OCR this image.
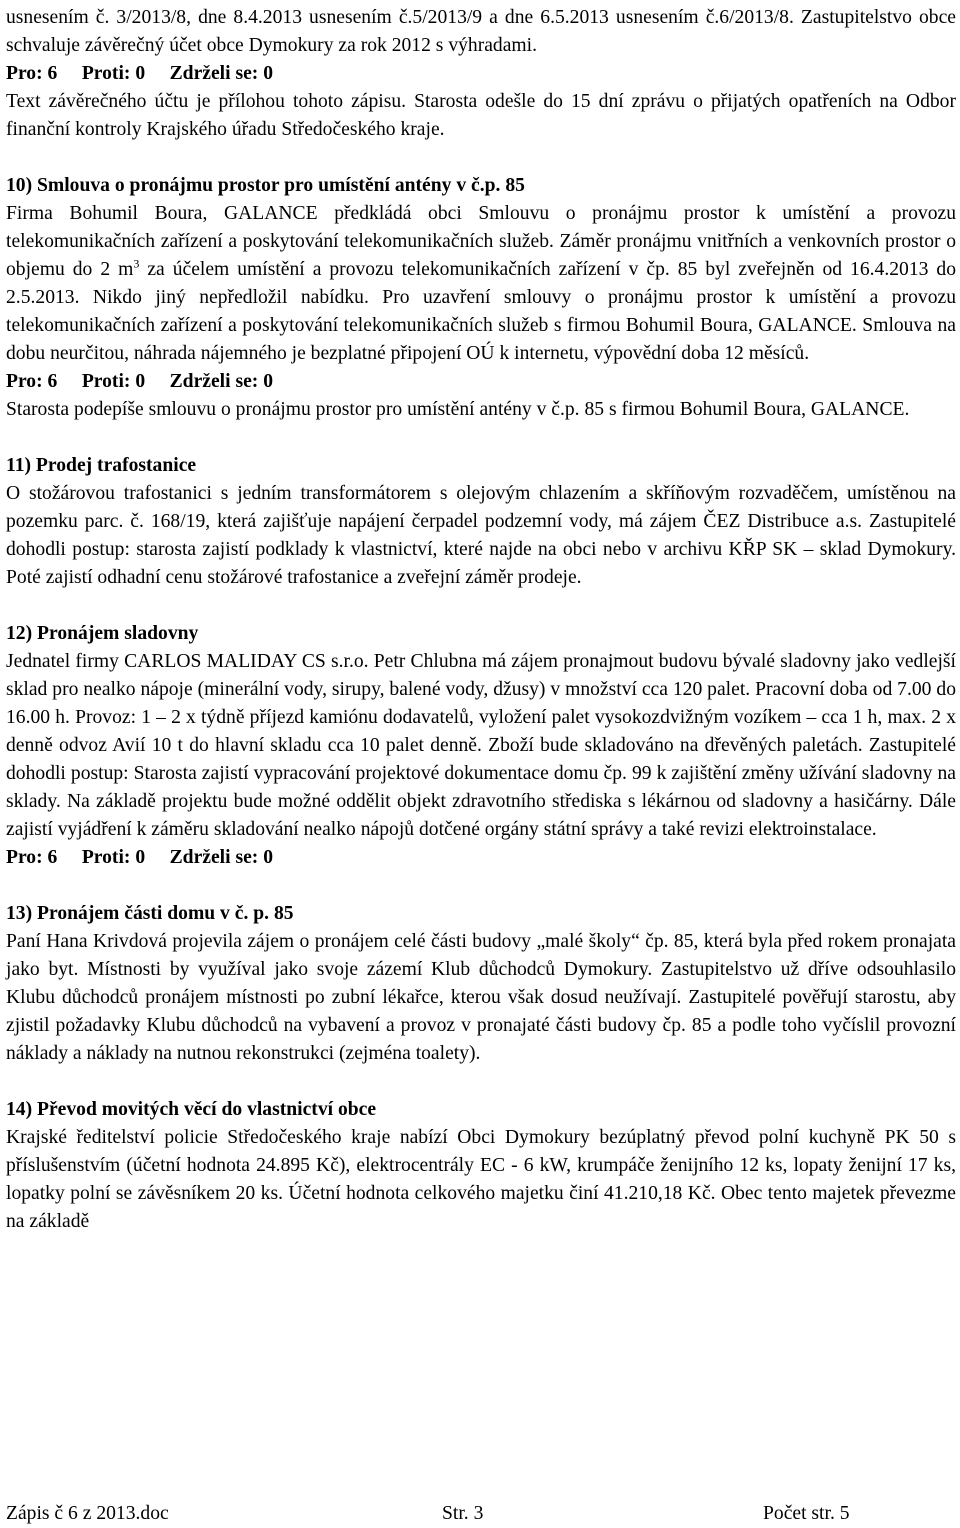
usnesením č. 3/2013/8, dne 8.4.2013 usnesením č.5/2013/9 a dne 6.5.2013 usnesením č.6/2013/8. Zastupitelstvo obce schvaluje závěrečný účet obce Dymokury za rok 2012 s výhradami.

Pro: 6     Proti: 0     Zdrželi se: 0

Text závěrečného účtu je přílohou tohoto zápisu. Starosta odešle do 15 dní zprávu o přijatých opatřeních na Odbor finanční kontroly Krajského úřadu Středočeského kraje.

10) Smlouva o pronájmu prostor pro umístění antény v č.p. 85

Firma Bohumil Boura, GALANCE předkládá obci Smlouvu o pronájmu prostor k umístění a provozu telekomunikačních zařízení a poskytování telekomunikačních služeb. Záměr pronájmu vnitřních a venkovních prostor o objemu do 2 $m^3$ za účelem umístění a provozu telekomunikačních zařízení v čp. 85 byl zveřejněn od 16.4.2013 do 2.5.2013. Nikdo jiný nepředložil nabídku. Pro uzavření smlouvy o pronájmu prostor k umístění a provozu telekomunikačních zařízení a poskytování telekomunikačních služeb s firmou Bohumil Boura, GALANCE. Smlouva na dobu neurčitou, náhrada nájemného je bezplatné připojení OÚ k internetu, výpovědní doba 12 měsíců.

Pro: 6     Proti: 0     Zdrželi se: 0

Starosta podepíše smlouvu o pronájmu prostor pro umístění antény v č.p. 85 s firmou Bohumil Boura, GALANCE.

11) Prodej trafostanice

O stožárovou trafostanici s jedním transformátorem s olejovým chlazením a skříňovým rozvaděčem, umístěnou na pozemku parc. č. 168/19, která zajišťuje napájení čerpadel podzemní vody, má zájem ČEZ Distribuce a.s. Zastupitelé dohodli postup: starosta zajistí podklady k vlastnictví, které najde na obci nebo v archivu KŘP SK – sklad Dymokury. Poté zajistí odhadní cenu stožárové trafostanice a zveřejní záměr prodeje.

12) Pronájem sladovny

Jednatel firmy CARLOS MALIDAY CS s.r.o. Petr Chlubna má zájem pronajmout budovu bývalé sladovny jako vedlejší sklad pro nealko nápoje (minerální vody, sirupy, balené vody, džusy) v množství cca 120 palet. Pracovní doba od 7.00 do 16.00 h. Provoz: 1 – 2 x týdně příjezd kamiónu dodavatelů, vyložení palet vysokozdvižným vozíkem – cca 1 h, max. 2 x denně odvoz Avií 10 t do hlavní skladu cca 10 palet denně. Zboží bude skladováno na dřevěných paletách. Zastupitelé dohodli postup: Starosta zajistí vypracování projektové dokumentace domu čp. 99 k zajištění změny užívání sladovny na sklady. Na základě projektu bude možné oddělit objekt zdravotního střediska s lékárnou od sladovny a hasičárny. Dále zajistí vyjádření k záměru skladování nealko nápojů dotčené orgány státní správy a také revizi elektroinstalace.

Pro: 6     Proti: 0     Zdrželi se: 0

13) Pronájem části domu v č. p. 85

Paní Hana Krivdová projevila zájem o pronájem celé části budovy „malé školy“ čp. 85, která byla před rokem pronajata jako byt. Místnosti by využíval jako svoje zázemí Klub důchodců Dymokury. Zastupitelstvo už dříve odsouhlasilo Klubu důchodců pronájem místnosti po zubní lékařce, kterou však dosud neužívají. Zastupitelé pověřují starostu, aby zjistil požadavky Klubu důchodců na vybavení a provoz v pronajaté části budovy čp. 85 a podle toho vyčíslil provozní náklady a náklady na nutnou rekonstrukci (zejména toalety).

14) Převod movitých věcí do vlastnictví obce

Krajské ředitelství policie Středočeského kraje nabízí Obci Dymokury bezúplatný převod polní kuchyně PK 50 s příslušenstvím (účetní hodnota 24.895 Kč), elektrocentrály EC - 6 kW, krumpáče ženijního 12 ks, lopaty ženijní 17 ks, lopatky polní se závěsníkem 20 ks. Účetní hodnota celkového majetku činí 41.210,18 Kč. Obec tento majetek převezme na základě

Zápis č 6 z 2013.doc	Str. 3	Počet str. 5
